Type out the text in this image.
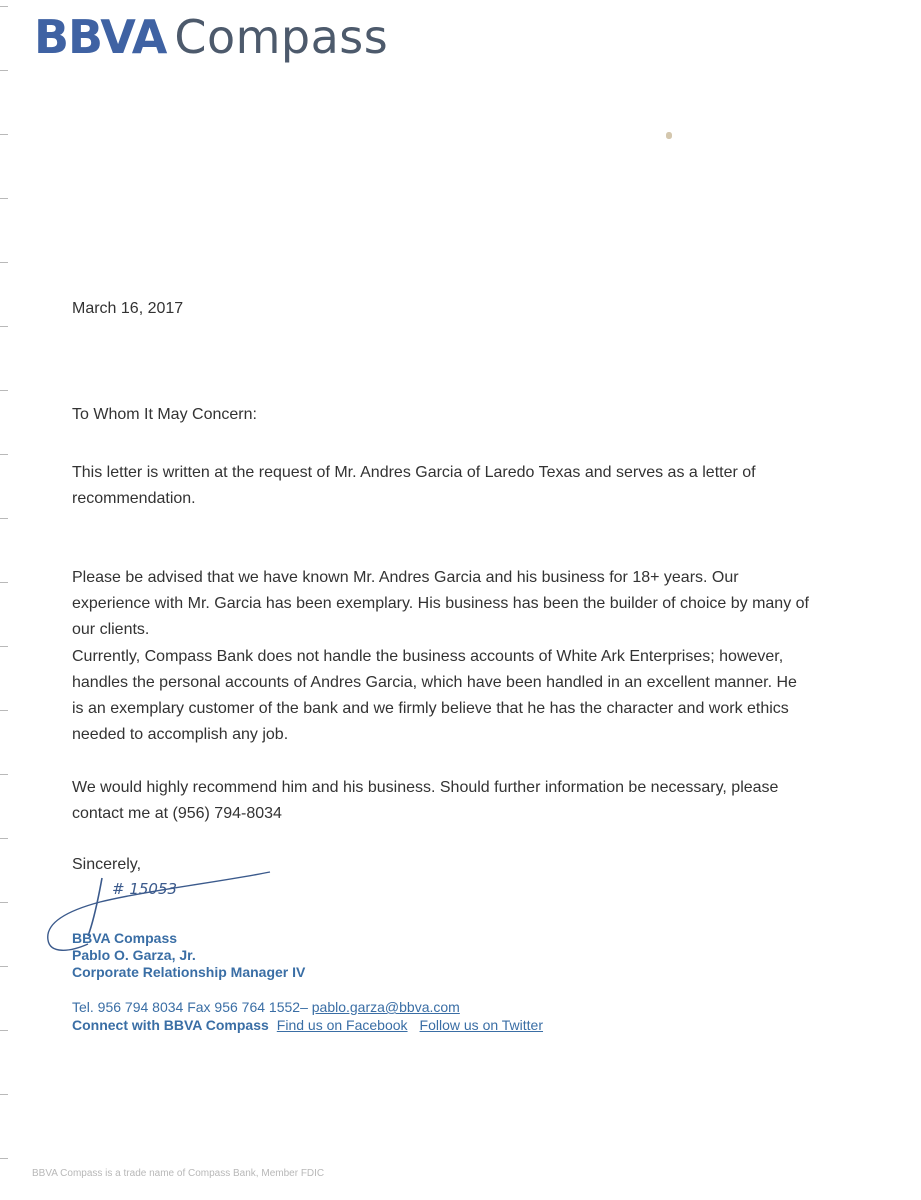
BBVA Compass
March 16, 2017
To Whom It May Concern:
This letter is written at the request of Mr. Andres Garcia of Laredo Texas and serves as a letter of recommendation.
Please be advised that we have known Mr. Andres Garcia and his business for 18+ years. Our experience with Mr. Garcia has been exemplary. His business has been the builder of choice by many of our clients.
Currently, Compass Bank does not handle the business accounts of White Ark Enterprises; however, handles the personal accounts of Andres Garcia, which have been handled in an excellent manner. He is an exemplary customer of the bank and we firmly believe that he has the character and work ethics needed to accomplish any job.
We would highly recommend him and his business. Should further information be necessary, please contact me at (956) 794-8034
Sincerely,
# 15053
BBVA Compass
Pablo O. Garza, Jr.
Corporate Relationship Manager IV
Tel. 956 794 8034 Fax 956 764 1552– pablo.garza@bbva.com
Connect with BBVA Compass Find us on Facebook Follow us on Twitter
BBVA Compass is a trade name of Compass Bank, Member FDIC
